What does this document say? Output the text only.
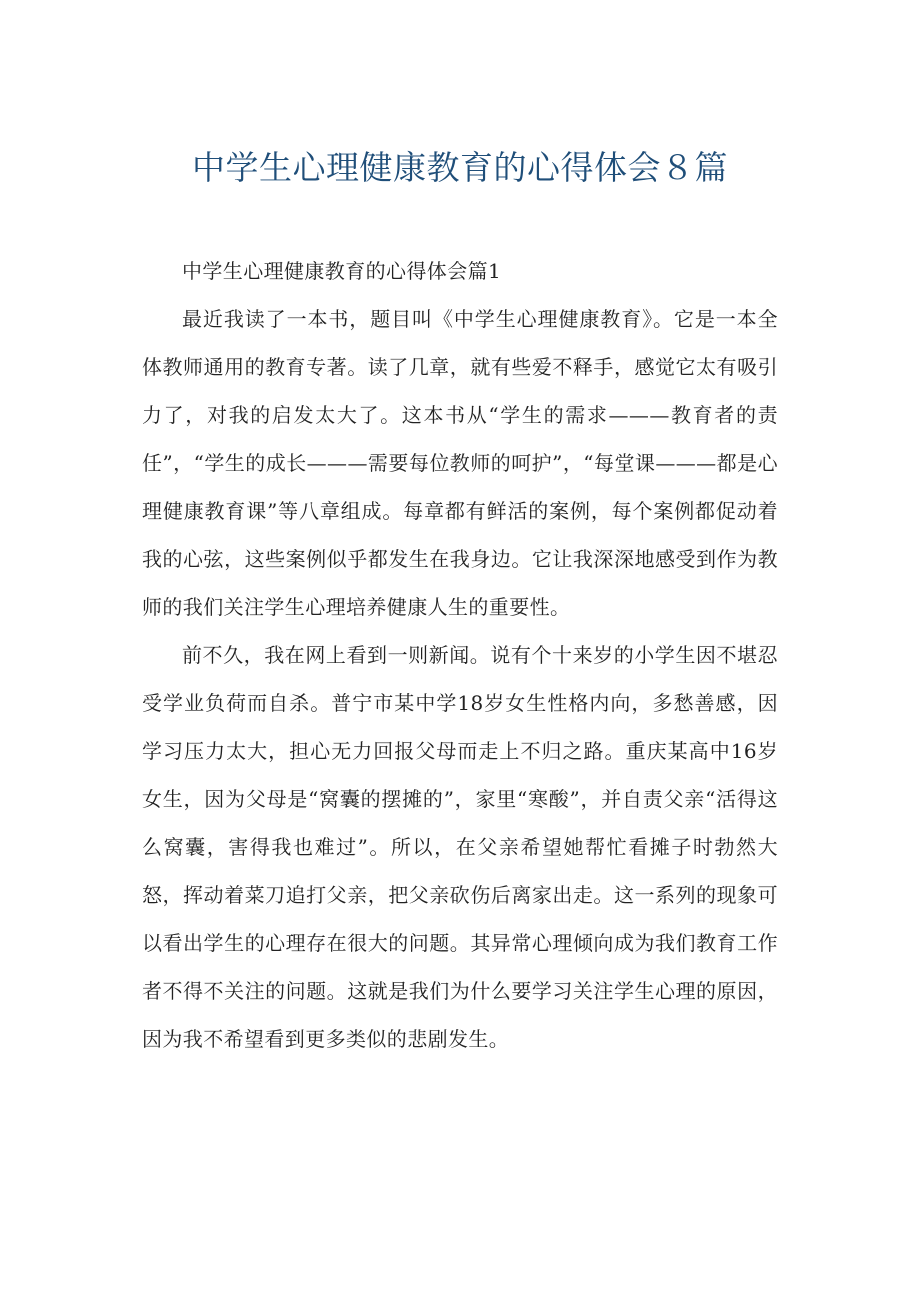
中学生心理健康教育的心得体会８篇

中学生心理健康教育的心得体会篇1

最近我读了一本书，题目叫《中学生心理健康教育》。它是一本全体教师通用的教育专著。读了几章，就有些爱不释手，感觉它太有吸引力了，对我的启发太大了。这本书从“学生的需求———教育者的责任”，“学生的成长———需要每位教师的呵护”，“每堂课———都是心理健康教育课”等八章组成。每章都有鲜活的案例，每个案例都促动着我的心弦，这些案例似乎都发生在我身边。它让我深深地感受到作为教师的我们关注学生心理培养健康人生的重要性。

前不久，我在网上看到一则新闻。说有个十来岁的小学生因不堪忍受学业负荷而自杀。普宁市某中学18岁女生性格内向，多愁善感，因学习压力太大，担心无力回报父母而走上不归之路。重庆某高中16岁女生，因为父母是“窝囊的摆摊的”，家里“寒酸”，并自责父亲“活得这么窝囊，害得我也难过”。所以，在父亲希望她帮忙看摊子时勃然大怒，挥动着菜刀追打父亲，把父亲砍伤后离家出走。这一系列的现象可以看出学生的心理存在很大的问题。其异常心理倾向成为我们教育工作者不得不关注的问题。这就是我们为什么要学习关注学生心理的原因，因为我不希望看到更多类似的悲剧发生。
